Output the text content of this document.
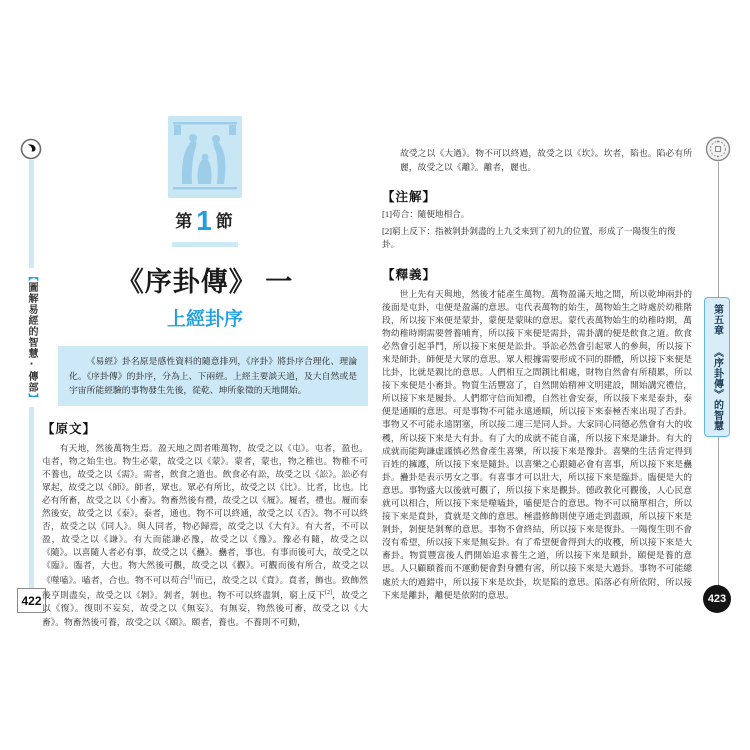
【圖解易經的智慧‧傳部】
422
第1 節
《序卦傳》 一
上經卦序
《易經》卦名原是感性資料的隨意排列，《序卦》將卦序合理化、理論化。《序卦傳》的卦序，分為上、下兩經。上經主要談天道，及大自然或是宇宙所能經驗的事物發生先後，從乾、坤所象徵的天地開始。
【原文】
有天地，然後萬物生焉。盈天地之間者唯萬物，故受之以《屯》。屯者，盈也。屯者，物之始生也。物生必蒙，故受之以《蒙》。蒙者，蒙也，物之稚也。物稚不可不養也，故受之以《需》。需者，飲食之道也。飲食必有訟，故受之以《訟》。訟必有眾起，故受之以《師》。師者，眾也。眾必有所比，故受之以《比》。比者，比也。比必有所畜，故受之以《小畜》。物畜然後有禮，故受之以《履》。履者，禮也。履而泰然後安，故受之以《泰》。泰者，通也。物不可以終通，故受之以《否》。物不可以終否，故受之以《同人》。與人同者，物必歸焉，故受之以《大有》。有大者，不可以盈，故受之以《謙》。有大而能謙必豫，故受之以《豫》。豫必有隨，故受之以《隨》。以喜隨人者必有事，故受之以《蠱》。蠱者，事也。有事而後可大，故受之以《臨》。臨者，大也。物大然後可觀，故受之以《觀》。可觀而後有所合，故受之以《噬嗑》。嗑者，合也。物不可以苟合[1]而已，故受之以《賁》。賁者，飾也。致飾然後亨則盡矣，故受之以《剝》。剝者，剝也。物不可以終盡剝，窮上反下[2]，故受之以《復》。復則不妄矣，故受之以《無妄》。有無妄，物然後可畜，故受之以《大畜》。物畜然後可養，故受之以《頤》。頤者，養也。不養則不可動，
故受之以《大過》。物不可以終過，故受之以《坎》。坎者，陷也。陷必有所麗，故受之以《離》。離者，麗也。
【注解】
[1]苟合：隨便地相合。
[2]窮上反下：指被剝卦剝盡的上九爻來到了初九的位置，形成了一陽復生的復卦。
【釋義】
世上先有天與地，然後才能產生萬物。萬物盈滿天地之間，所以乾坤兩卦的後面是屯卦，屯便是盈滿的意思。屯代表萬物的始生，萬物始生之時處於幼稚階段，所以接下來便是蒙卦，蒙便是蒙昧的意思。蒙代表萬物始生的幼稚時期，萬物幼稚時期需要營養哺育，所以接下來便是需卦，需卦講的便是飲食之道。飲食必然會引起爭鬥，所以接下來便是訟卦。爭訟必然會引起眾人的參與，所以接下來是師卦。師便是大眾的意思。眾人根據需要形成不同的群體，所以接下來便是比卦，比就是親比的意思。人們相互之間親比相處，財物自然會有所積累，所以接下來便是小畜卦。物質生活豐富了，自然開始精神文明建設，開始講究禮信，所以接下來是履卦。人們都守信而知禮，自然社會安泰，所以接下來是泰卦，泰便是通順的意思。可是事物不可能永遠通順，所以接下來泰極否來出現了否卦。事物又不可能永遠閉塞，所以接二連三是同人卦。大家同心同德必然會有大的收穫，所以接下來是大有卦。有了大的成就不能自滿，所以接下來是謙卦。有大的成就而能夠謙虛謹慎必然會產生喜樂，所以接下來是豫卦。喜樂的生活肯定得到百姓的擁護，所以接下來是隨卦。以喜樂之心跟隨必會有喜事，所以接下來是蠱卦。蠱卦是表示男女之事。有喜事才可以壯大，所以接下來是臨卦。臨便是大的意思。事物盛大以後就可觀了，所以接下來是觀卦。德政教化可觀後，人心民意就可以相合，所以接下來是噬嗑卦，嗑便是合的意思。物不可以簡單相合，所以接下來是賁卦，賁就是文飾的意思。極盡修飾則使亨通走到盡頭，所以接下來是剝卦，剝便是剝奪的意思。事物不會終結，所以接下來是復卦。一陽復生則不會沒有希望，所以接下來是無妄卦。有了希望便會得到大的收穫，所以接下來是大畜卦。物質豐富後人們開始追求養生之道，所以接下來是頤卦，頤便是養的意思。人只顧頤養而不運動便會對身體有害，所以接下來是大過卦。事物不可能總處於大的過錯中，所以接下來是坎卦，坎是陷的意思。陷落必有所依附，所以接下來是離卦，離便是依附的意思。
第五章 《序卦傳》的智慧
423
